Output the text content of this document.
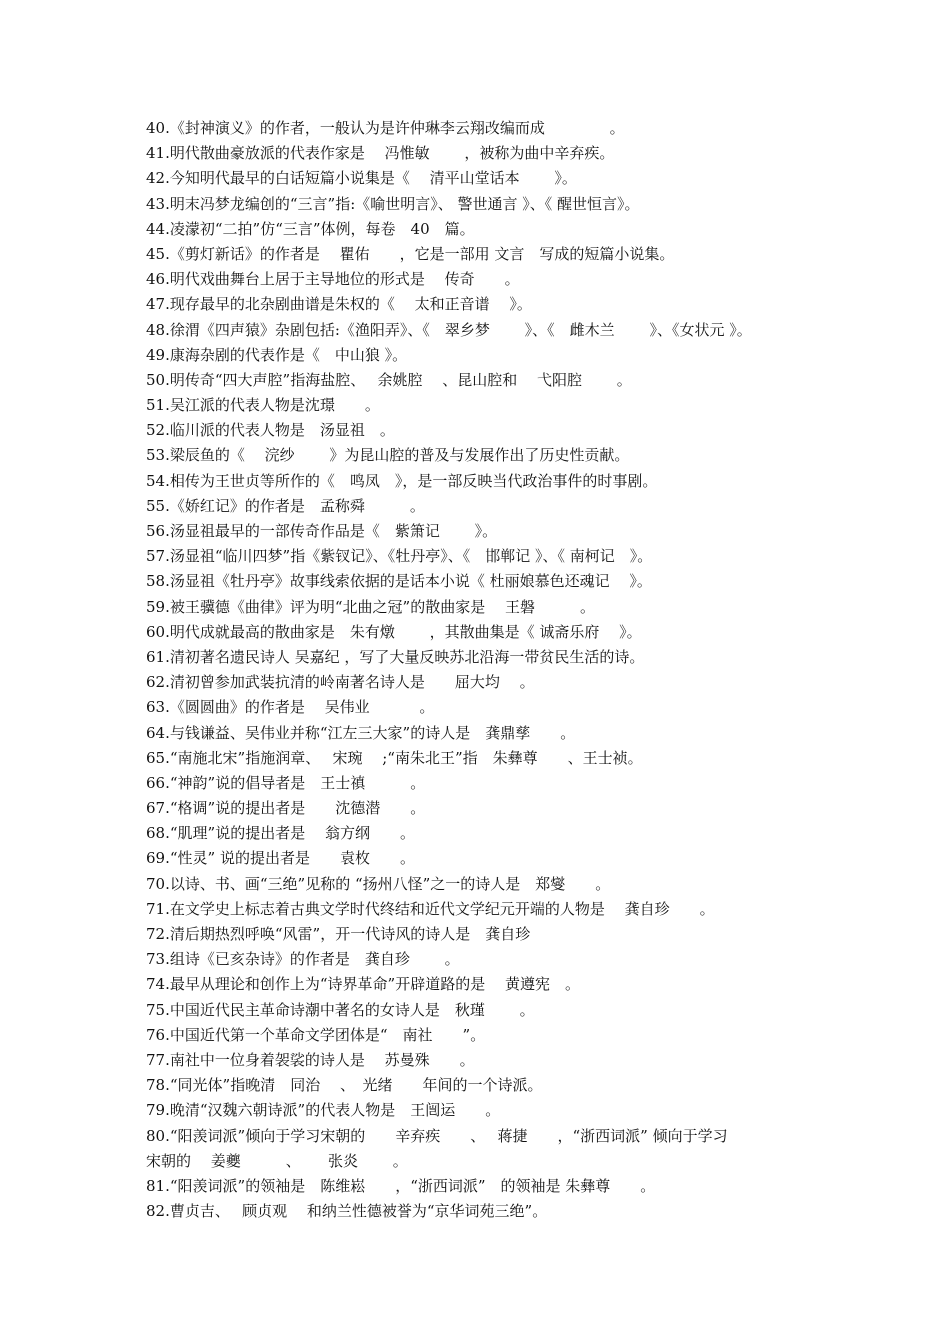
40.《封神演义》的作者，一般认为是许仲琳李云翔改编而成　　　　 。
41.明代散曲豪放派的代表作家是　 冯惟敏　　 ，被称为曲中辛弃疾。
42.今知明代最早的白话短篇小说集是《　 清平山堂话本　　 》。
43.明末冯梦龙编创的“三言”指:《喻世明言》、 警世通言 》、《 醒世恒言》。
44.凌濛初“二拍”仿“三言”体例，每卷　40　篇。
45.《剪灯新话》的作者是　 瞿佑　　，它是一部用 文言　写成的短篇小说集。
46.明代戏曲舞台上居于主导地位的形式是　 传奇　　。
47.现存最早的北杂剧曲谱是朱权的《　 太和正音谱　 》。
48.徐渭《四声猿》杂剧包括:《渔阳弄》、《　翠乡梦　　 》、《　雌木兰　　 》、《女状元 》。
49.康海杂剧的代表作是《　中山狼 》。
50.明传奇“四大声腔”指海盐腔、　 余姚腔　 、昆山腔和　 弋阳腔　　 。
51.吴江派的代表人物是沈璟　　。
52.临川派的代表人物是　汤显祖　。
53.梁辰鱼的《　 浣纱　　 》为昆山腔的普及与发展作出了历史性贡献。
54.相传为王世贞等所作的《　鸣凤　》，是一部反映当代政治事件的时事剧。
55.《娇红记》的作者是　孟称舜　　　。
56.汤显祖最早的一部传奇作品是《　紫箫记　　 》。
57.汤显祖“临川四梦”指《紫钗记》、《牡丹亭》、《　邯郸记 》、《 南柯记　》。
58.汤显祖《牡丹亭》故事线索依据的是话本小说《 杜丽娘慕色还魂记　 》。
59.被王骥德《曲律》评为明“北曲之冠”的散曲家是　 王磐　　　。
60.明代成就最高的散曲家是　朱有燉　　 ，其散曲集是《 诚斋乐府　 》。
61.清初著名遗民诗人 吴嘉纪 ，写了大量反映苏北沿海一带贫民生活的诗。
62.清初曾参加武装抗清的岭南著名诗人是　　屈大均　 。
63.《圆圆曲》的作者是　 吴伟业　　　 。
64.与钱谦益、吴伟业并称“江左三大家”的诗人是　龚鼎孳　　。
65.“南施北宋”指施润章、　 宋琬　 ;“南朱北王”指　朱彝尊　　、王士祯。
66.“神韵”说的倡导者是　王士禛　　　。
67.“格调”说的提出者是　　沈德潜　　。
68.“肌理”说的提出者是　 翁方纲　　。
69.“性灵” 说的提出者是　　袁枚　　。
70.以诗、书、画“三绝”见称的 “扬州八怪”之一的诗人是　郑燮　　。
71.在文学史上标志着古典文学时代终结和近代文学纪元开端的人物是　 龚自珍　　。
72.清后期热烈呼唤“风雷”，开一代诗风的诗人是　龚自珍
73.组诗《已亥杂诗》的作者是　龚自珍　　 。
74.最早从理论和创作上为“诗界革命”开辟道路的是　 黄遵宪　。
75.中国近代民主革命诗潮中著名的女诗人是　秋瑾　　 。
76.中国近代第一个革命文学团体是“　南社　　”。
77.南社中一位身着袈裟的诗人是　 苏曼殊　　。
78.“同光体”指晚清　同治　 、　光绪　　年间的一个诗派。
79.晚清“汉魏六朝诗派”的代表人物是　王闿运　　。
80.“阳羡词派”倾向于学习宋朝的　　辛弃疾　　、　 蒋捷　　，“浙西词派” 倾向于学习
宋朝的　 姜夔　　　、　　 张炎　　 。
81.“阳羡词派”的领袖是　陈维崧　　，“浙西词派”　的领袖是 朱彝尊　　。
82.曹贞吉、　 顾贞观　 和纳兰性德被誉为“京华词苑三绝”。
